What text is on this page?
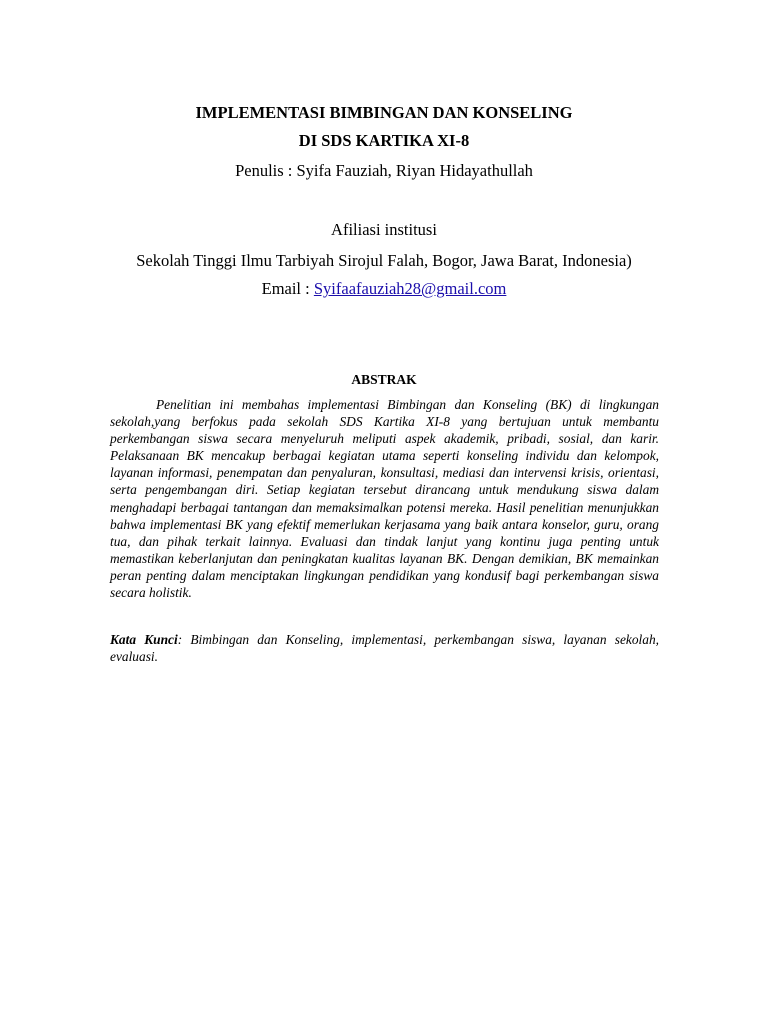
IMPLEMENTASI BIMBINGAN DAN KONSELING
DI SDS KARTIKA XI-8
Penulis : Syifa Fauziah, Riyan Hidayathullah
Afiliasi institusi
Sekolah Tinggi Ilmu Tarbiyah Sirojul Falah, Bogor, Jawa Barat, Indonesia)
Email : Syifaafauziah28@gmail.com
ABSTRAK

Penelitian ini membahas implementasi Bimbingan dan Konseling (BK) di lingkungan sekolah,yang berfokus pada sekolah SDS Kartika XI-8 yang bertujuan untuk membantu perkembangan siswa secara menyeluruh meliputi aspek akademik, pribadi, sosial, dan karir. Pelaksanaan BK mencakup berbagai kegiatan utama seperti konseling individu dan kelompok, layanan informasi, penempatan dan penyaluran, konsultasi, mediasi dan intervensi krisis, orientasi, serta pengembangan diri. Setiap kegiatan tersebut dirancang untuk mendukung siswa dalam menghadapi berbagai tantangan dan memaksimalkan potensi mereka. Hasil penelitian menunjukkan bahwa implementasi BK yang efektif memerlukan kerjasama yang baik antara konselor, guru, orang tua, dan pihak terkait lainnya. Evaluasi dan tindak lanjut yang kontinu juga penting untuk memastikan keberlanjutan dan peningkatan kualitas layanan BK. Dengan demikian, BK memainkan peran penting dalam menciptakan lingkungan pendidikan yang kondusif bagi perkembangan siswa secara holistik.

Kata Kunci: Bimbingan dan Konseling, implementasi, perkembangan siswa, layanan sekolah, evaluasi.
